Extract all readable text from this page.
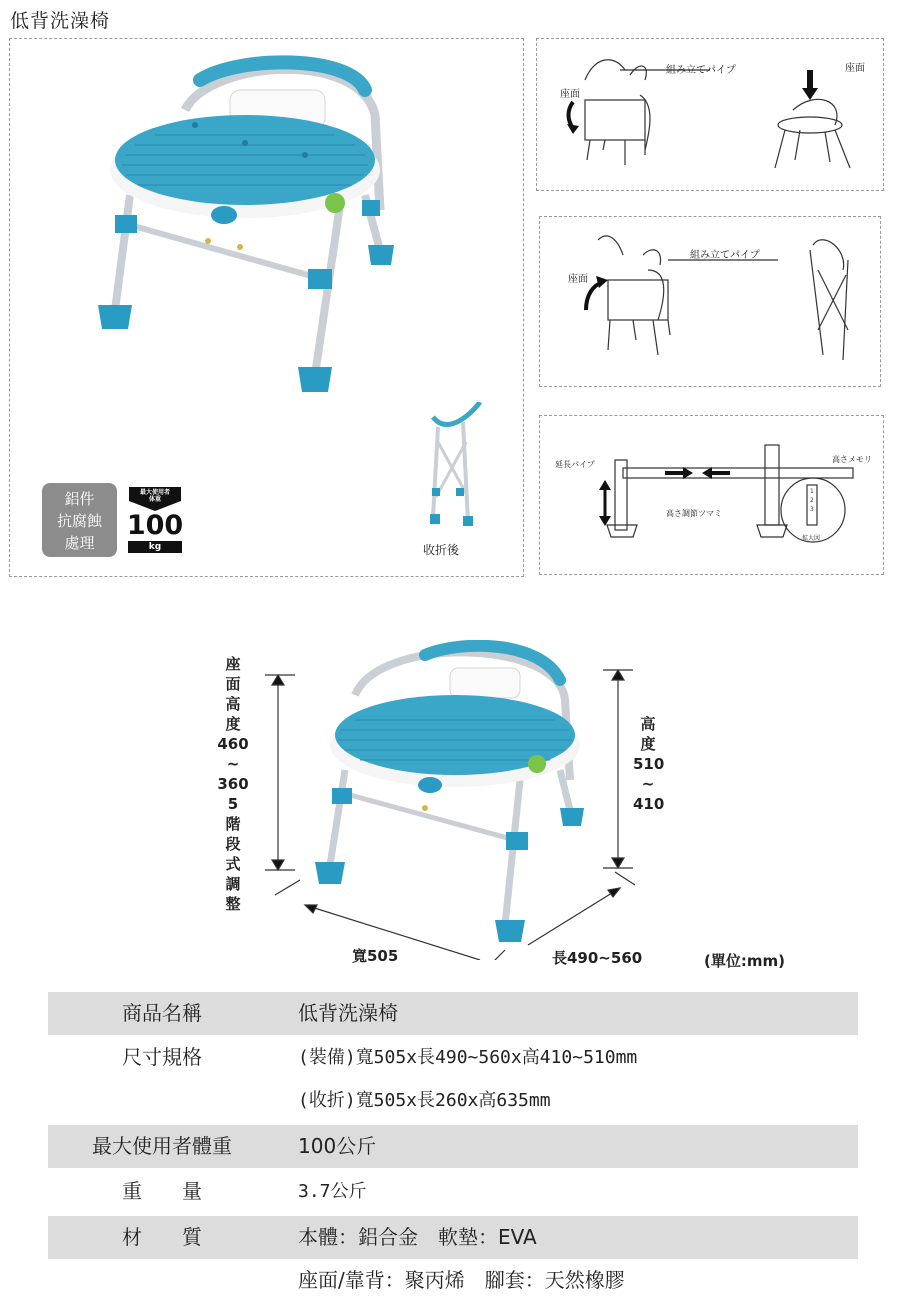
低背洗澡椅
鋁件
抗腐蝕
處理
最大使用者
体重
100
kg	收折後
組み立てパイプ
座面
座面
組み立てパイプ
座面
1
2
3
延長パイプ
高さ調節ツマミ
高さメモリ
拡大図
座
面
高
度
460
~
360
5
階
段
式
調
整
高
度
510
~
410
寬505	長490~560	(單位:mm)
商品名稱	低背洗澡椅
尺寸規格	(裝備)寬505x長490~560x高410~510mm
(收折)寬505x長260x高635mm
最大使用者體重	100公斤
重　　量	3.7公斤
材　　質	本體：鋁合金　軟墊：EVA
座面/靠背：聚丙烯　腳套：天然橡膠
